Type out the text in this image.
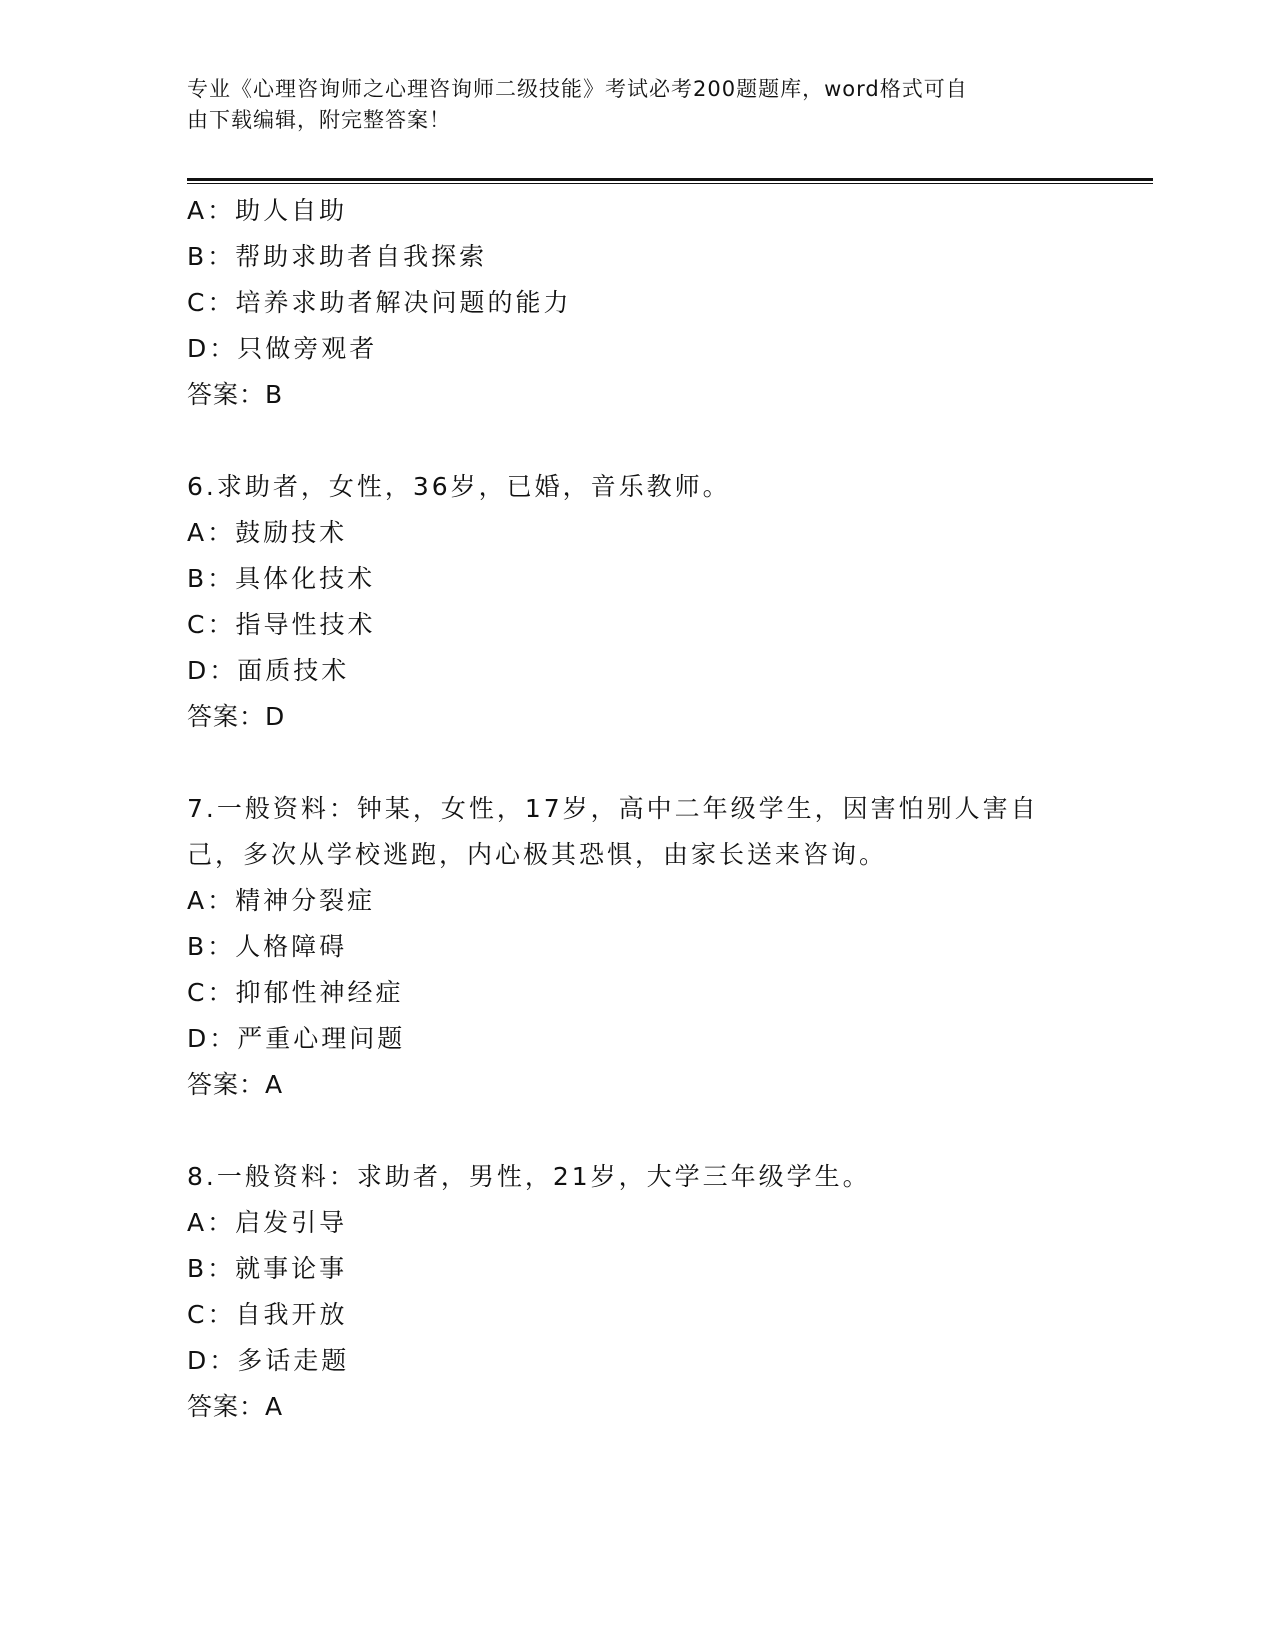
专业《心理咨询师之心理咨询师二级技能》考试必考200题题库，word格式可自
由下载编辑，附完整答案！
A：助人自助
B：帮助求助者自我探索
C：培养求助者解决问题的能力
D：只做旁观者
答案：B
6.求助者，女性，36岁，已婚，音乐教师。
A：鼓励技术
B：具体化技术
C：指导性技术
D：面质技术
答案：D
7.一般资料：钟某，女性，17岁，高中二年级学生，因害怕别人害自
己，多次从学校逃跑，内心极其恐惧，由家长送来咨询。
A：精神分裂症
B：人格障碍
C：抑郁性神经症
D：严重心理问题
答案：A
8.一般资料：求助者，男性，21岁，大学三年级学生。
A：启发引导
B：就事论事
C：自我开放
D：多话走题
答案：A
